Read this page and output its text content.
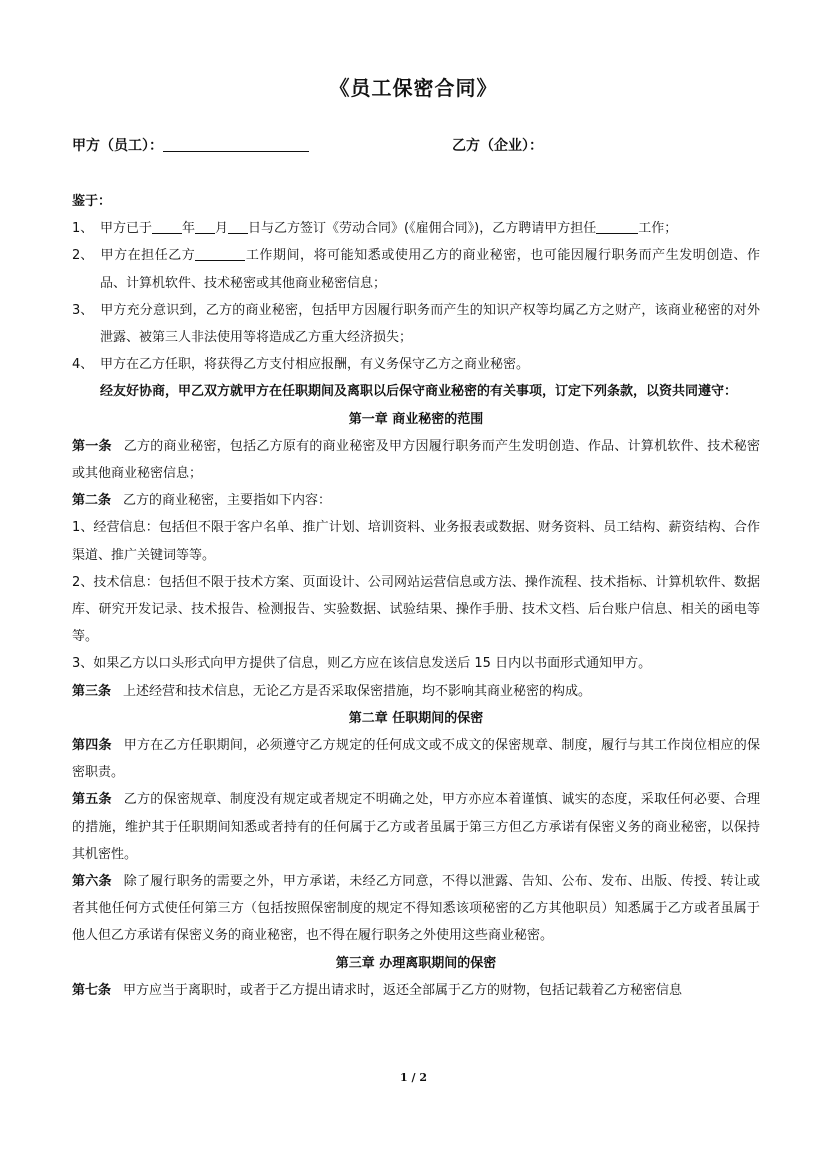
《员工保密合同》
甲方（员工）：	乙方（企业）：

鉴于：

1、 甲方已于 年 月 日与乙方签订《劳动合同》(《雇佣合同》)，乙方聘请甲方担任	工作；

2、 甲方在担任乙方	工作期间，将可能知悉或使用乙方的商业秘密，也可能因履行职务而产生发明创造、作品、计算机软件、技术秘密或其他商业秘密信息；

3、 甲方充分意识到，乙方的商业秘密，包括甲方因履行职务而产生的知识产权等均属乙方之财产，该商业秘密的对外泄露、被第三人非法使用等将造成乙方重大经济损失；

4、 甲方在乙方任职，将获得乙方支付相应报酬，有义务保守乙方之商业秘密。

经友好协商，甲乙双方就甲方在任职期间及离职以后保守商业秘密的有关事项，订定下列条款，以资共同遵守：

第一章 商业秘密的范围

第一条 乙方的商业秘密，包括乙方原有的商业秘密及甲方因履行职务而产生发明创造、作品、计算机软件、技术秘密或其他商业秘密信息；

第二条 乙方的商业秘密，主要指如下内容：

1、经营信息：包括但不限于客户名单、推广计划、培训资料、业务报表或数据、财务资料、员工结构、薪资结构、合作渠道、推广关键词等等。

2、技术信息：包括但不限于技术方案、页面设计、公司网站运营信息或方法、操作流程、技术指标、计算机软件、数据库、研究开发记录、技术报告、检测报告、实验数据、试验结果、操作手册、技术文档、后台账户信息、相关的函电等等。

3、如果乙方以口头形式向甲方提供了信息，则乙方应在该信息发送后 15 日内以书面形式通知甲方。

第三条 上述经营和技术信息，无论乙方是否采取保密措施，均不影响其商业秘密的构成。

第二章 任职期间的保密

第四条 甲方在乙方任职期间，必须遵守乙方规定的任何成文或不成文的保密规章、制度，履行与其工作岗位相应的保密职责。

第五条 乙方的保密规章、制度没有规定或者规定不明确之处，甲方亦应本着谨慎、诚实的态度，采取任何必要、合理的措施，维护其于任职期间知悉或者持有的任何属于乙方或者虽属于第三方但乙方承诺有保密义务的商业秘密，以保持其机密性。

第六条 除了履行职务的需要之外，甲方承诺，未经乙方同意，不得以泄露、告知、公布、发布、出版、传授、转让或者其他任何方式使任何第三方（包括按照保密制度的规定不得知悉该项秘密的乙方其他职员）知悉属于乙方或者虽属于他人但乙方承诺有保密义务的商业秘密，也不得在履行职务之外使用这些商业秘密。

第三章 办理离职期间的保密

第七条 甲方应当于离职时，或者于乙方提出请求时，返还全部属于乙方的财物，包括记载着乙方秘密信息

1 / 2
